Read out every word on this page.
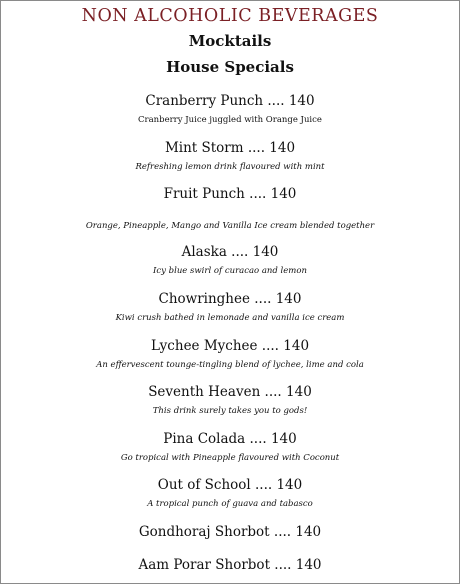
NON ALCOHOLIC BEVERAGES
Mocktails
House Specials
Cranberry Punch .... 140
Cranberry Juice juggled with Orange Juice
Mint Storm .... 140
Refreshing lemon drink flavoured with mint
Fruit Punch .... 140
Orange, Pineapple, Mango and Vanilla Ice cream blended together
Alaska .... 140
Icy blue swirl of curacao and lemon
Chowringhee .... 140
Kiwi crush bathed in lemonade and vanilla ice cream
Lychee Mychee .... 140
An effervescent tounge-tingling blend of lychee, lime and cola
Seventh Heaven .... 140
This drink surely takes you to gods!
Pina Colada .... 140
Go tropical with Pineapple flavoured with Coconut
Out of School .... 140
A tropical punch of guava and tabasco
Gondhoraj Shorbot .... 140
Aam Porar Shorbot .... 140
